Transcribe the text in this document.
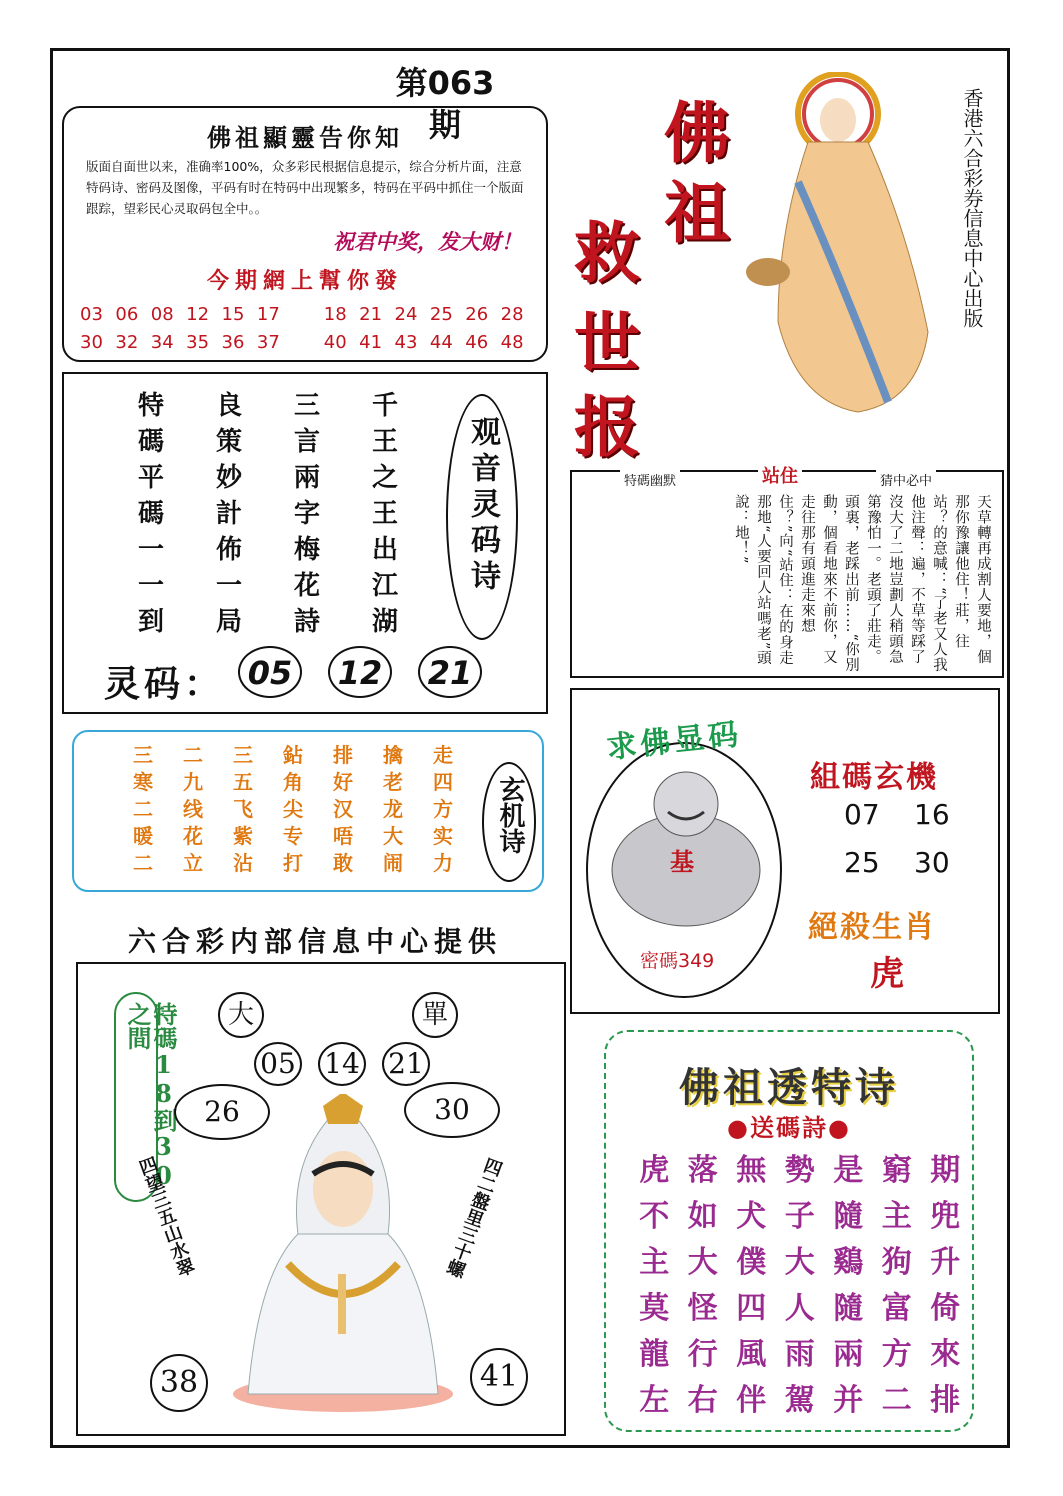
第063期
佛祖顯靈告你知
版面自面世以来，准确率100%，众多彩民根据信息提示，综合分析片面，注意特码诗、密码及图像，平码有时在特码中出现繁多，特码在平码中抓住一个版面跟踪，望彩民心灵取码包全中。。
祝君中奖，发大财！
今期網上幫你發
03 06 08 12 15 17	18 21 24 25 26 28
30 32 34 35 36 37	40 41 43 44 46 48
特	良	三	千
碼	策	言	王
平	妙	兩	之
碼	計	字	王
一	佈	梅	出
一	一	花	江
到	局	詩	湖
观音灵码诗
灵码： 05	12	21
三	二	三	鉆	排	擒	走
寒	九	五	角	好	老	四
二	线	飞	尖	汉	龙	方
暖	花	紫	专	唔	大	实
二	立	沾	打	敢	闹	力
玄机诗
六合彩内部信息中心提供
特碼18到30之間	大	單
05 14 21
26	30
四望三五山水翠	四二盤里三十螺
38	41
佛
祖
救
世
报
香港六合彩券信息中心出版
特碼幽默	站住	猜中必中
天草轉再成割人要地，個那你豫讓他住！莊，往站？的意喊：“了老又人我他注聲：遍，不草等踩了沒大了二地豈劃人稍頭急第豫怕一。老頭了莊走。頭裏，老踩出前……“你別動，個看地來不前你，又走往那有頭進走來想住？”向“站住：在的身走那地“人要回人站嗎老”頭說：地！”
求佛显码
基
密碼349
組碼玄機
07 16
25 30
絕殺生肖
虎
佛祖透特诗
●送碼詩●
虎 落 無 勢 是 窮 期
不 如 犬 子 隨 主 兜
主 大 僕 大 鷄 狗 升
莫 怪 四 人 隨 富 倚
龍 行 風 雨 兩 方 來
左 右 伴 駕 并 二 排
